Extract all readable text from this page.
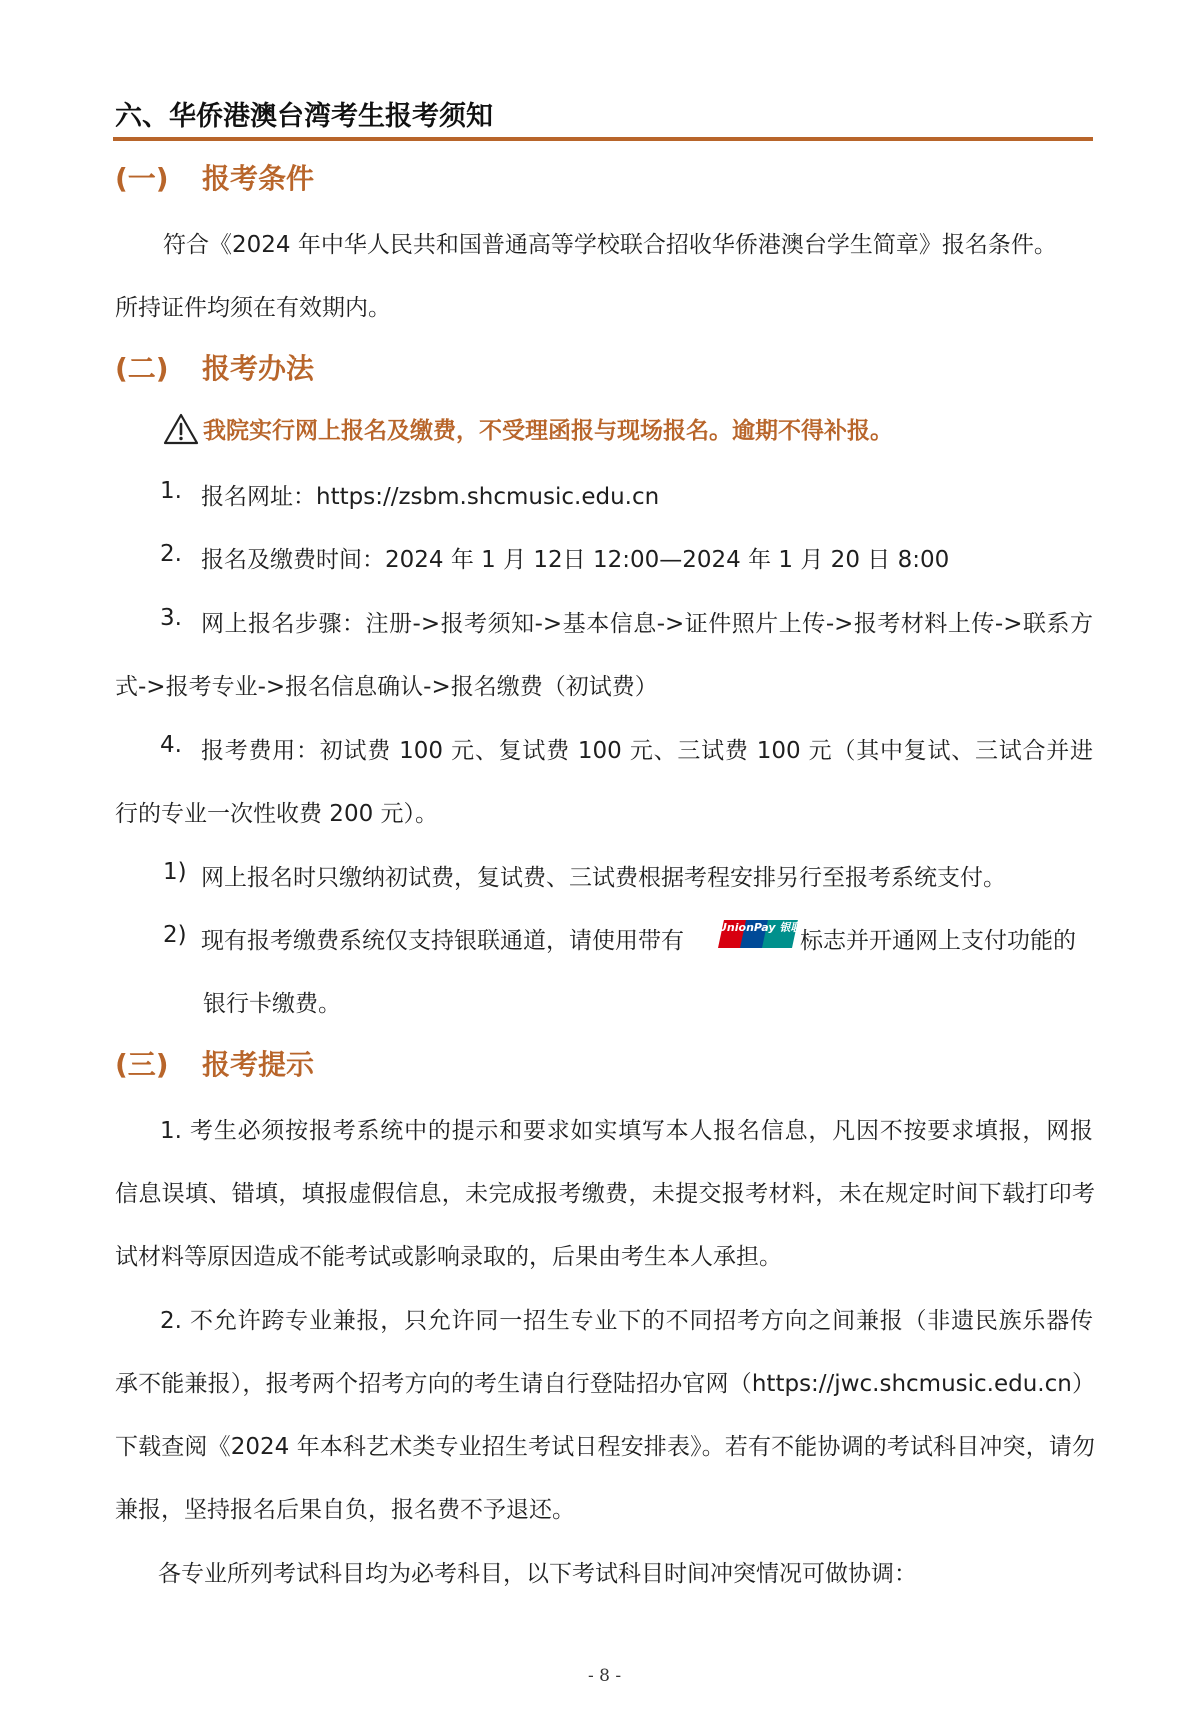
六、华侨港澳台湾考生报考须知
(一) 报考条件
符合《2024 年中华人民共和国普通高等学校联合招收华侨港澳台学生简章》报名条件。
所持证件均须在有效期内。
(二) 报考办法
我院实行网上报名及缴费，不受理函报与现场报名。逾期不得补报。
1. 报名网址：https://zsbm.shcmusic.edu.cn
2. 报名及缴费时间：2024 年 1 月 12日 12:00—2024 年 1 月 20 日 8:00
3. 网上报名步骤：注册->报考须知->基本信息->证件照片上传->报考材料上传->联系方
式->报考专业->报名信息确认->报名缴费（初试费）
4. 报考费用：初试费 100 元、复试费 100 元、三试费 100 元（其中复试、三试合并进
行的专业一次性收费 200 元）。
1) 网上报名时只缴纳初试费，复试费、三试费根据考程安排另行至报考系统支付。
2) 现有报考缴费系统仅支持银联通道，请使用带有
UnionPay 银联
标志并开通网上支付功能的
银行卡缴费。
(三) 报考提示
1. 考生必须按报考系统中的提示和要求如实填写本人报名信息，凡因不按要求填报，网报
信息误填、错填，填报虚假信息，未完成报考缴费，未提交报考材料，未在规定时间下载打印考
试材料等原因造成不能考试或影响录取的，后果由考生本人承担。
2. 不允许跨专业兼报，只允许同一招生专业下的不同招考方向之间兼报（非遗民族乐器传
承不能兼报），报考两个招考方向的考生请自行登陆招办官网（https://jwc.shcmusic.edu.cn）
下载查阅《2024 年本科艺术类专业招生考试日程安排表》。若有不能协调的考试科目冲突，请勿
兼报，坚持报名后果自负，报名费不予退还。
各专业所列考试科目均为必考科目，以下考试科目时间冲突情况可做协调：
- 8 -
